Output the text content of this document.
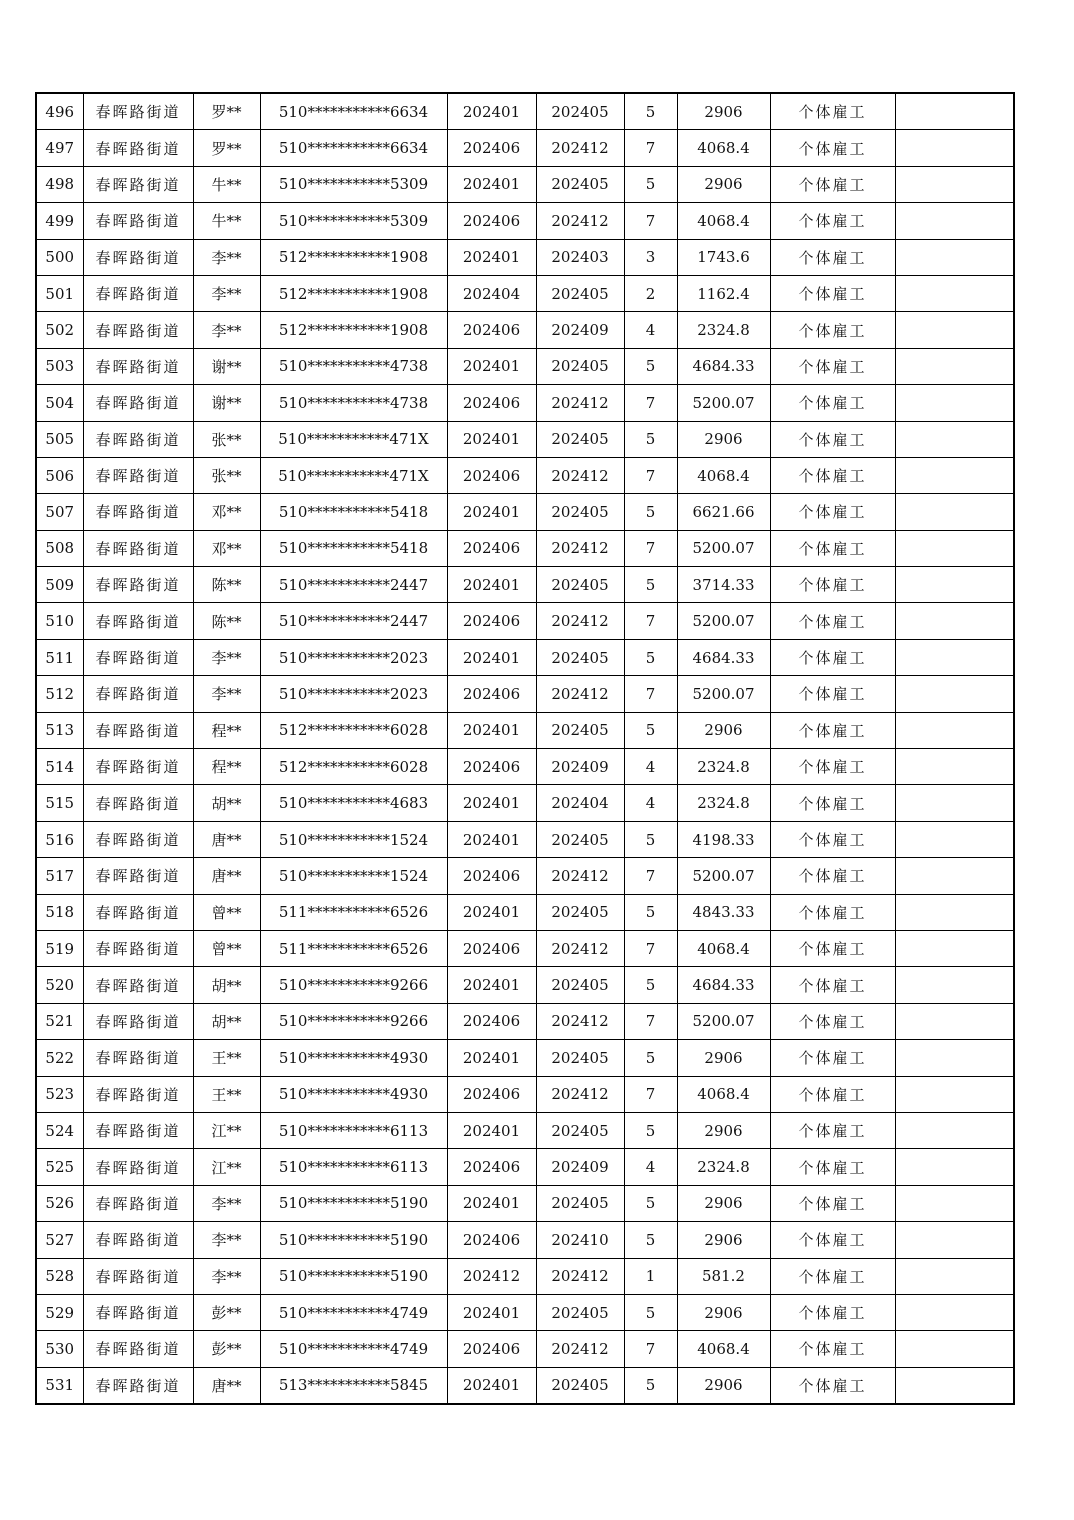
496	春晖路街道	罗**	510***********6634	202401	202405	5	2906	个体雇工	
497	春晖路街道	罗**	510***********6634	202406	202412	7	4068.4	个体雇工	
498	春晖路街道	牛**	510***********5309	202401	202405	5	2906	个体雇工	
499	春晖路街道	牛**	510***********5309	202406	202412	7	4068.4	个体雇工	
500	春晖路街道	李**	512***********1908	202401	202403	3	1743.6	个体雇工	
501	春晖路街道	李**	512***********1908	202404	202405	2	1162.4	个体雇工	
502	春晖路街道	李**	512***********1908	202406	202409	4	2324.8	个体雇工	
503	春晖路街道	谢**	510***********4738	202401	202405	5	4684.33	个体雇工	
504	春晖路街道	谢**	510***********4738	202406	202412	7	5200.07	个体雇工	
505	春晖路街道	张**	510***********471X	202401	202405	5	2906	个体雇工	
506	春晖路街道	张**	510***********471X	202406	202412	7	4068.4	个体雇工	
507	春晖路街道	邓**	510***********5418	202401	202405	5	6621.66	个体雇工	
508	春晖路街道	邓**	510***********5418	202406	202412	7	5200.07	个体雇工	
509	春晖路街道	陈**	510***********2447	202401	202405	5	3714.33	个体雇工	
510	春晖路街道	陈**	510***********2447	202406	202412	7	5200.07	个体雇工	
511	春晖路街道	李**	510***********2023	202401	202405	5	4684.33	个体雇工	
512	春晖路街道	李**	510***********2023	202406	202412	7	5200.07	个体雇工	
513	春晖路街道	程**	512***********6028	202401	202405	5	2906	个体雇工	
514	春晖路街道	程**	512***********6028	202406	202409	4	2324.8	个体雇工	
515	春晖路街道	胡**	510***********4683	202401	202404	4	2324.8	个体雇工	
516	春晖路街道	唐**	510***********1524	202401	202405	5	4198.33	个体雇工	
517	春晖路街道	唐**	510***********1524	202406	202412	7	5200.07	个体雇工	
518	春晖路街道	曾**	511***********6526	202401	202405	5	4843.33	个体雇工	
519	春晖路街道	曾**	511***********6526	202406	202412	7	4068.4	个体雇工	
520	春晖路街道	胡**	510***********9266	202401	202405	5	4684.33	个体雇工	
521	春晖路街道	胡**	510***********9266	202406	202412	7	5200.07	个体雇工	
522	春晖路街道	王**	510***********4930	202401	202405	5	2906	个体雇工	
523	春晖路街道	王**	510***********4930	202406	202412	7	4068.4	个体雇工	
524	春晖路街道	江**	510***********6113	202401	202405	5	2906	个体雇工	
525	春晖路街道	江**	510***********6113	202406	202409	4	2324.8	个体雇工	
526	春晖路街道	李**	510***********5190	202401	202405	5	2906	个体雇工	
527	春晖路街道	李**	510***********5190	202406	202410	5	2906	个体雇工	
528	春晖路街道	李**	510***********5190	202412	202412	1	581.2	个体雇工	
529	春晖路街道	彭**	510***********4749	202401	202405	5	2906	个体雇工	
530	春晖路街道	彭**	510***********4749	202406	202412	7	4068.4	个体雇工	
531	春晖路街道	唐**	513***********5845	202401	202405	5	2906	个体雇工	
